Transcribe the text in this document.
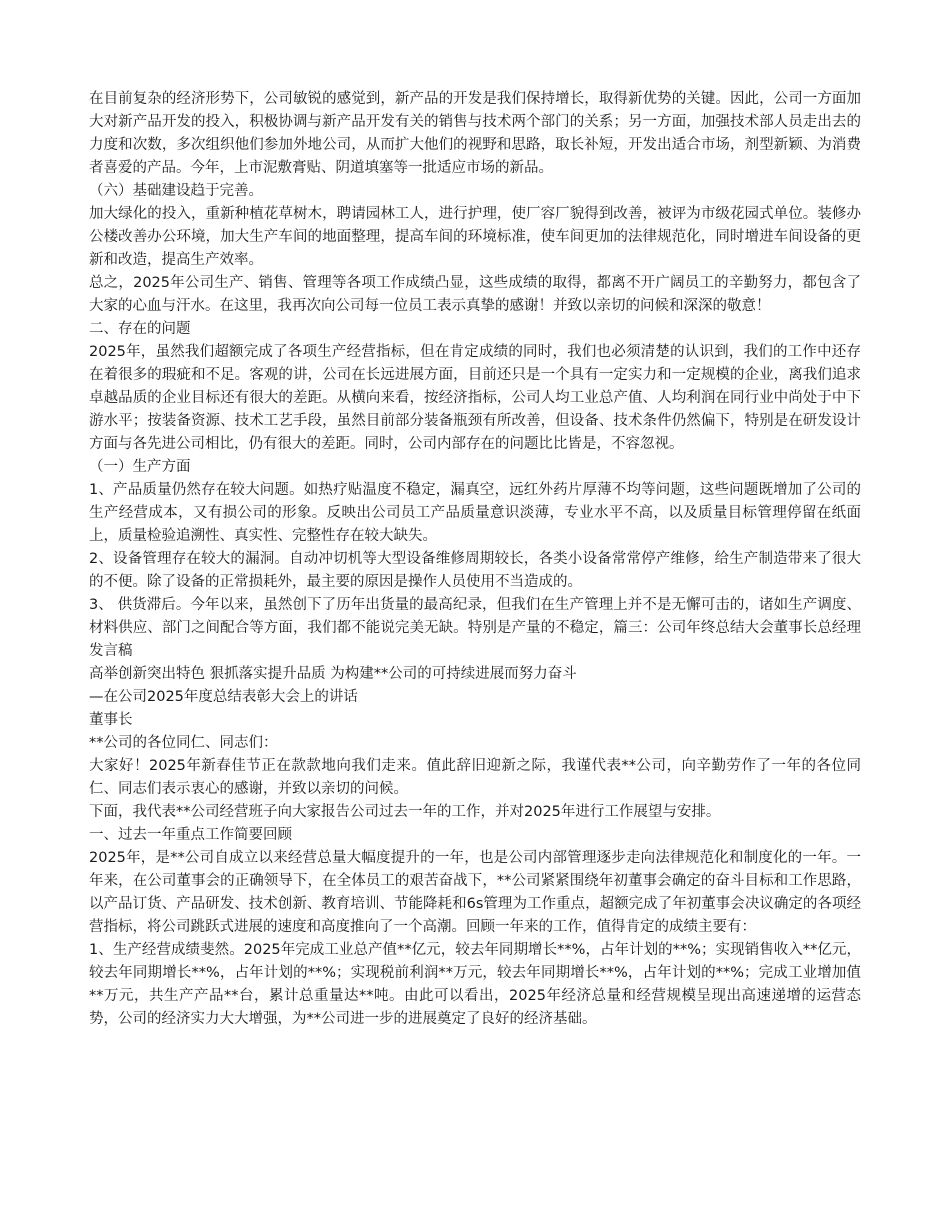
在目前复杂的经济形势下，公司敏锐的感觉到，新产品的开发是我们保持增长，取得新优势的关键。因此，公司一方面加大对新产品开发的投入，积极协调与新产品开发有关的销售与技术两个部门的关系；另一方面，加强技术部人员走出去的力度和次数，多次组织他们参加外地公司，从而扩大他们的视野和思路，取长补短，开发出适合市场，剂型新颖、为消费者喜爱的产品。今年，上市泥敷膏贴、阴道填塞等一批适应市场的新品。

（六）基础建设趋于完善。

加大绿化的投入，重新种植花草树木，聘请园林工人，进行护理，使厂容厂貌得到改善，被评为市级花园式单位。装修办公楼改善办公环境，加大生产车间的地面整理，提高车间的环境标准，使车间更加的法律规范化，同时增进车间设备的更新和改造，提高生产效率。

总之，2025年公司生产、销售、管理等各项工作成绩凸显，这些成绩的取得，都离不开广阔员工的辛勤努力，都包含了大家的心血与汗水。在这里，我再次向公司每一位员工表示真挚的感谢！并致以亲切的问候和深深的敬意！

二、存在的问题

2025年，虽然我们超额完成了各项生产经营指标，但在肯定成绩的同时，我们也必须清楚的认识到，我们的工作中还存在着很多的瑕疵和不足。客观的讲，公司在长远进展方面，目前还只是一个具有一定实力和一定规模的企业，离我们追求卓越品质的企业目标还有很大的差距。从横向来看，按经济指标，公司人均工业总产值、人均利润在同行业中尚处于中下游水平；按装备资源、技术工艺手段，虽然目前部分装备瓶颈有所改善，但设备、技术条件仍然偏下，特别是在研发设计方面与各先进公司相比，仍有很大的差距。同时，公司内部存在的问题比比皆是，不容忽视。

（一）生产方面

1、产品质量仍然存在较大问题。如热疗贴温度不稳定，漏真空，远红外药片厚薄不均等问题，这些问题既增加了公司的生产经营成本，又有损公司的形象。反映出公司员工产品质量意识淡薄，专业水平不高，以及质量目标管理停留在纸面上，质量检验追溯性、真实性、完整性存在较大缺失。

2、设备管理存在较大的漏洞。自动冲切机等大型设备维修周期较长，各类小设备常常停产维修，给生产制造带来了很大的不便。除了设备的正常损耗外，最主要的原因是操作人员使用不当造成的。

3、 供货滞后。今年以来，虽然创下了历年出货量的最高纪录，但我们在生产管理上并不是无懈可击的，诸如生产调度、材料供应、部门之间配合等方面，我们都不能说完美无缺。特别是产量的不稳定，篇三：公司年终总结大会董事长总经理发言稿

高举创新突出特色 狠抓落实提升品质 为构建**公司的可持续进展而努力奋斗

—在公司2025年度总结表彰大会上的讲话

董事长

**公司的各位同仁、同志们：

大家好！2025年新春佳节正在款款地向我们走来。值此辞旧迎新之际，我谨代表**公司，向辛勤劳作了一年的各位同仁、同志们表示衷心的感谢，并致以亲切的问候。

下面，我代表**公司经营班子向大家报告公司过去一年的工作，并对2025年进行工作展望与安排。

一、过去一年重点工作简要回顾

2025年，是**公司自成立以来经营总量大幅度提升的一年，也是公司内部管理逐步走向法律规范化和制度化的一年。一年来，在公司董事会的正确领导下，在全体员工的艰苦奋战下，**公司紧紧围绕年初董事会确定的奋斗目标和工作思路，以产品订货、产品研发、技术创新、教育培训、节能降耗和6s管理为工作重点，超额完成了年初董事会决议确定的各项经营指标，将公司跳跃式进展的速度和高度推向了一个高潮。回顾一年来的工作，值得肯定的成绩主要有：

1、生产经营成绩斐然。2025年完成工业总产值**亿元，较去年同期增长**%，占年计划的**%；实现销售收入**亿元，较去年同期增长**%，占年计划的**%；实现税前利润**万元，较去年同期增长**%，占年计划的**%；完成工业增加值**万元，共生产产品**台，累计总重量达**吨。由此可以看出，2025年经济总量和经营规模呈现出高速递增的运营态势，公司的经济实力大大增强，为**公司进一步的进展奠定了良好的经济基础。
